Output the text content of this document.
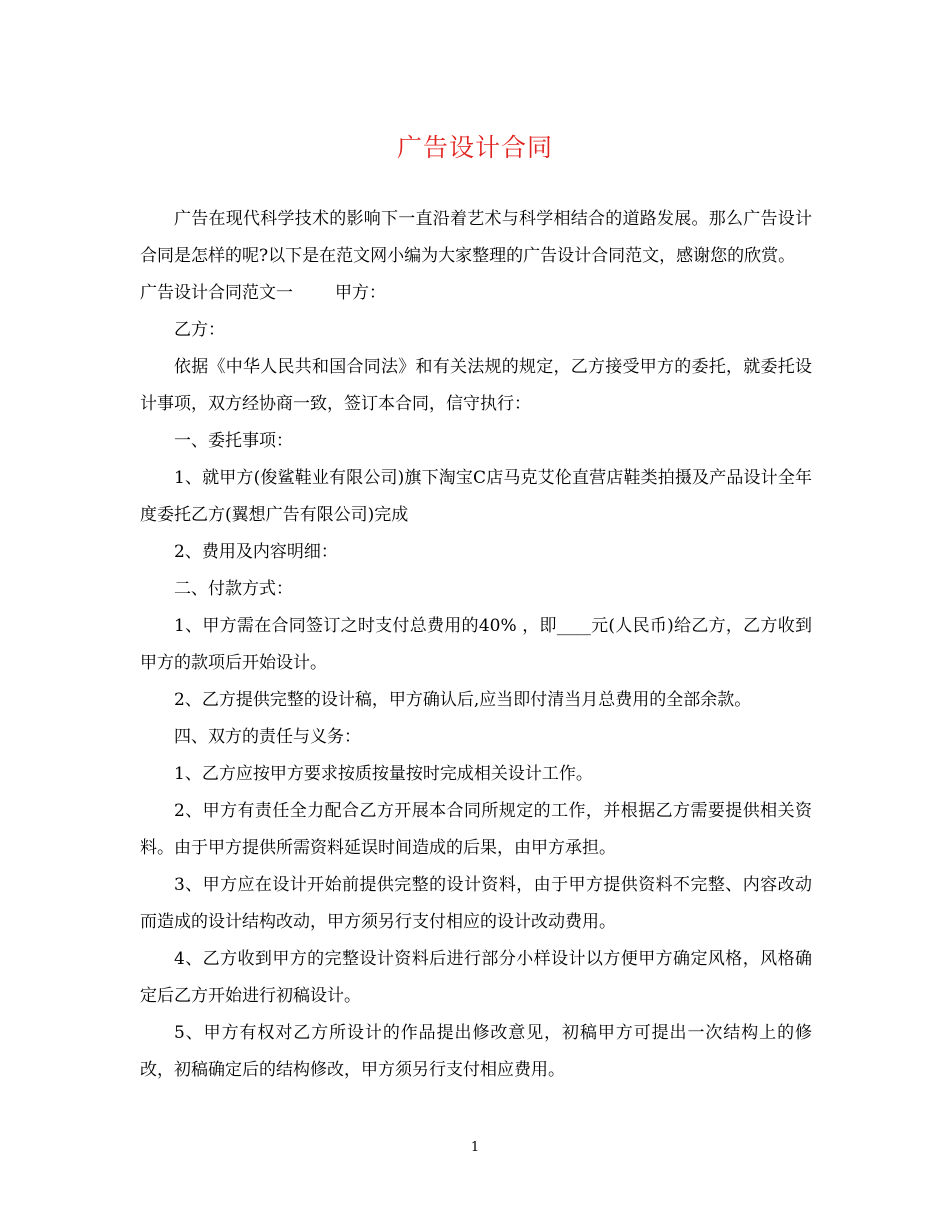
广告设计合同

广告在现代科学技术的影响下一直沿着艺术与科学相结合的道路发展。那么广告设计合同是怎样的呢?以下是在范文网小编为大家整理的广告设计合同范文，感谢您的欣赏。

广告设计合同范文一 甲方：

乙方：

依据《中华人民共和国合同法》和有关法规的规定，乙方接受甲方的委托，就委托设计事项，双方经协商一致，签订本合同，信守执行：

一、委托事项：

1、就甲方(俊鲨鞋业有限公司)旗下淘宝C店马克艾伦直营店鞋类拍摄及产品设计全年度委托乙方(翼想广告有限公司)完成

2、费用及内容明细：

二、付款方式：

1、甲方需在合同签订之时支付总费用的40% ，即____元(人民币)给乙方，乙方收到甲方的款项后开始设计。

2、乙方提供完整的设计稿，甲方确认后,应当即付清当月总费用的全部余款。

四、双方的责任与义务：

1、乙方应按甲方要求按质按量按时完成相关设计工作。

2、甲方有责任全力配合乙方开展本合同所规定的工作，并根据乙方需要提供相关资料。由于甲方提供所需资料延误时间造成的后果，由甲方承担。

3、甲方应在设计开始前提供完整的设计资料，由于甲方提供资料不完整、内容改动而造成的设计结构改动，甲方须另行支付相应的设计改动费用。

4、乙方收到甲方的完整设计资料后进行部分小样设计以方便甲方确定风格，风格确定后乙方开始进行初稿设计。

5、甲方有权对乙方所设计的作品提出修改意见，初稿甲方可提出一次结构上的修改，初稿确定后的结构修改，甲方须另行支付相应费用。

1
